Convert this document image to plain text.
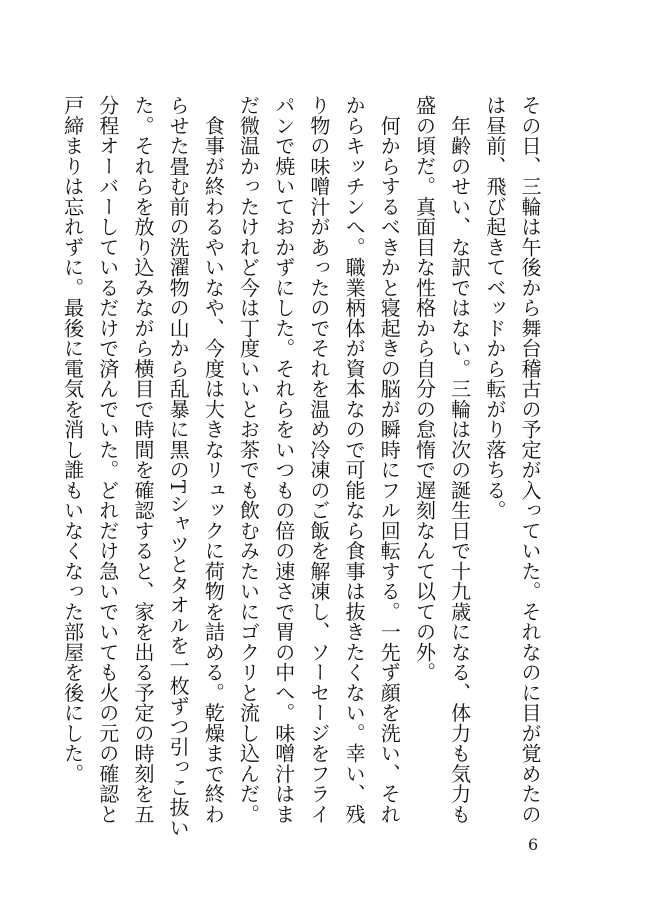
その日、三輪は午後から舞台稽古の予定が入っていた。それなのに目が覚めたのは昼前、飛び起きてベッドから転がり落ちる。

　年齢のせい、な訳ではない。三輪は次の誕生日で十九歳になる、体力も気力も盛の頃だ。真面目な性格から自分の怠惰で遅刻なんて以ての外。

　何からするべきかと寝起きの脳が瞬時にフル回転する。一先ず顔を洗い、それからキッチンへ。職業柄体が資本なので可能なら食事は抜きたくない。幸い、残り物の味噌汁があったのでそれを温め冷凍のご飯を解凍し、ソーセージをフライパンで焼いておかずにした。それらをいつもの倍の速さで胃の中へ。味噌汁はまだ微温かったけれど今は丁度いいとお茶でも飲むみたいにゴクリと流し込んだ。

　食事が終わるやいなや、今度は大きなリュックに荷物を詰める。乾燥まで終わらせた畳む前の洗濯物の山から乱暴に黒のTシャツとタオルを一枚ずつ引っこ抜いた。それらを放り込みながら横目で時間を確認すると、家を出る予定の時刻を五分程オーバーしているだけで済んでいた。どれだけ急いでいても火の元の確認と戸締まりは忘れずに。最後に電気を消し誰もいなくなった部屋を後にした。

6
